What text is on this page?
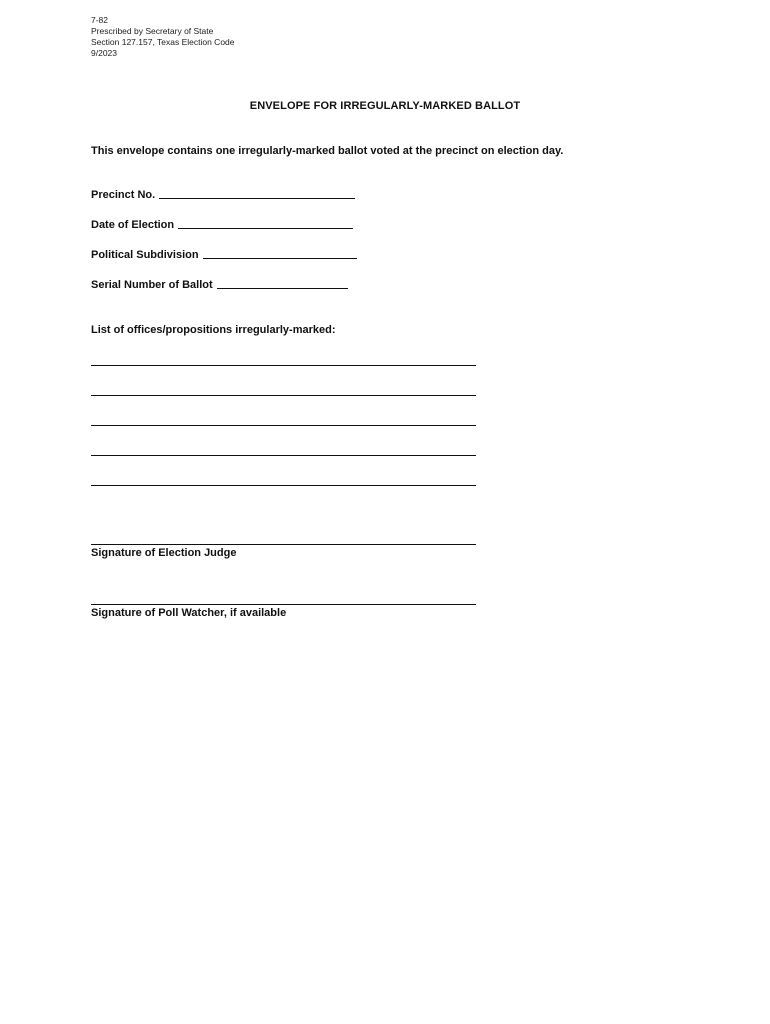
7-82
Prescribed by Secretary of State
Section 127.157, Texas Election Code
9/2023
ENVELOPE FOR IRREGULARLY-MARKED BALLOT
This envelope contains one irregularly-marked ballot voted at the precinct on election day.
Precinct No.
Date of Election
Political Subdivision
Serial Number of Ballot
List of offices/propositions irregularly-marked:
Signature of Election Judge
Signature of Poll Watcher, if available
